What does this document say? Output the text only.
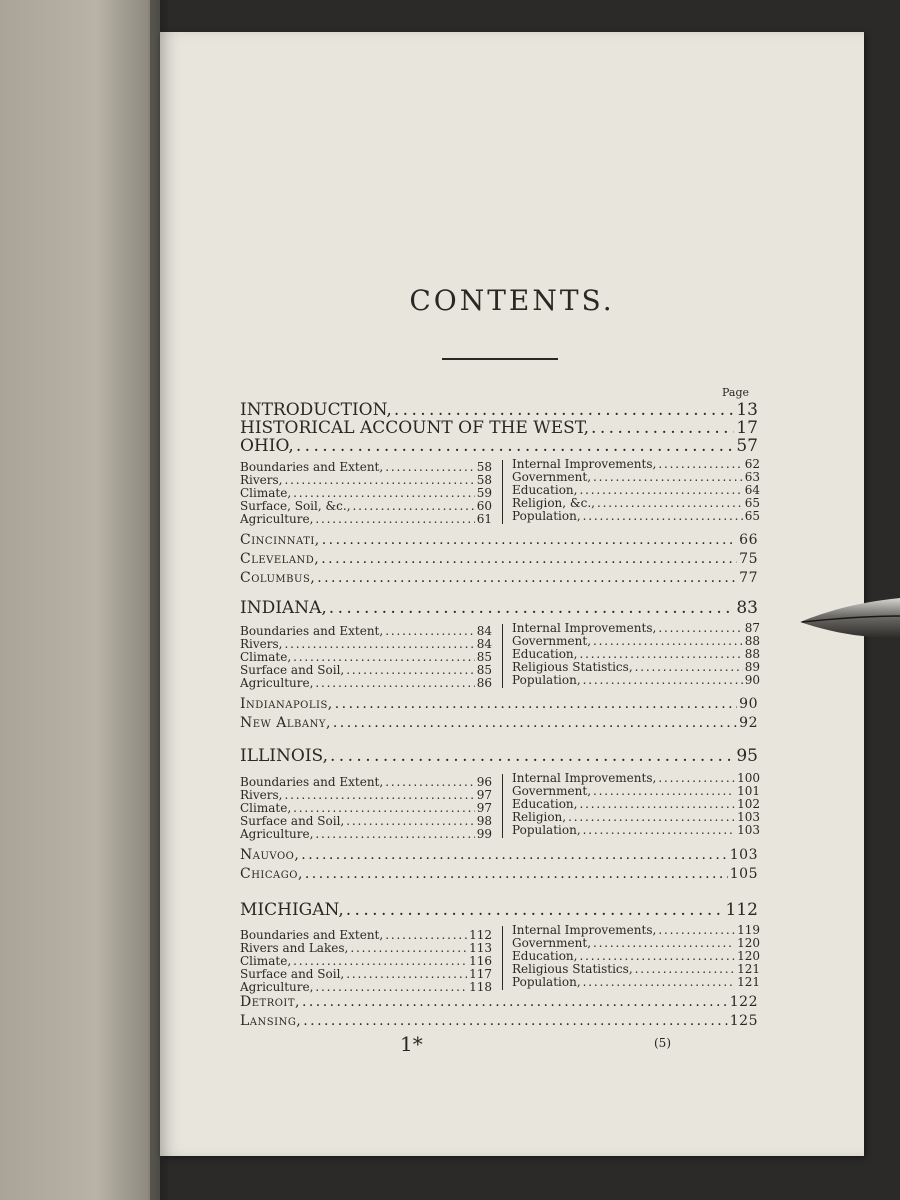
CONTENTS.
Page
INTRODUCTION, . . .	13
HISTORICAL ACCOUNT OF THE WEST, . . .	17
OHIO, . . .	57
Boundaries and Extent, . . .	58
Rivers, . . .	58
Climate, . . .	59
Surface, Soil, &c., . . .	60
Agriculture, . . .	61
Internal Improvements, . . .	62
Government, . . .	63
Education, . . .	64
Religion, &c., . . .	65
Population, . . .	65
Cincinnati, . . .	66
Cleveland, . . .	75
Columbus, . . .	77
INDIANA, . . .	83
Boundaries and Extent, . . .	84
Rivers, . . .	84
Climate, . . .	85
Surface and Soil, . . .	85
Agriculture, . . .	86
Internal Improvements, . . .	87
Government, . . .	88
Education, . . .	88
Religious Statistics, . . .	89
Population, . . .	90
Indianapolis, . . .	90
New Albany, . . .	92
ILLINOIS, . . .	95
Boundaries and Extent, . . .	96
Rivers, . . .	97
Climate, . . .	97
Surface and Soil, . . .	98
Agriculture, . . .	99
Internal Improvements, . . .	100
Government, . . .	101
Education, . . .	102
Religion, . . .	103
Population, . . .	103
Nauvoo, . . .	103
Chicago, . . .	105
MICHIGAN, . . .	112
Boundaries and Extent, . . .	112
Rivers and Lakes, . . .	113
Climate, . . .	116
Surface and Soil, . . .	117
Agriculture, . . .	118
Internal Improvements, . . .	119
Government, . . .	120
Education, . . .	120
Religious Statistics, . . .	121
Population, . . .	121
Detroit, . . .	122
Lansing, . . .	125
1*	(5)
